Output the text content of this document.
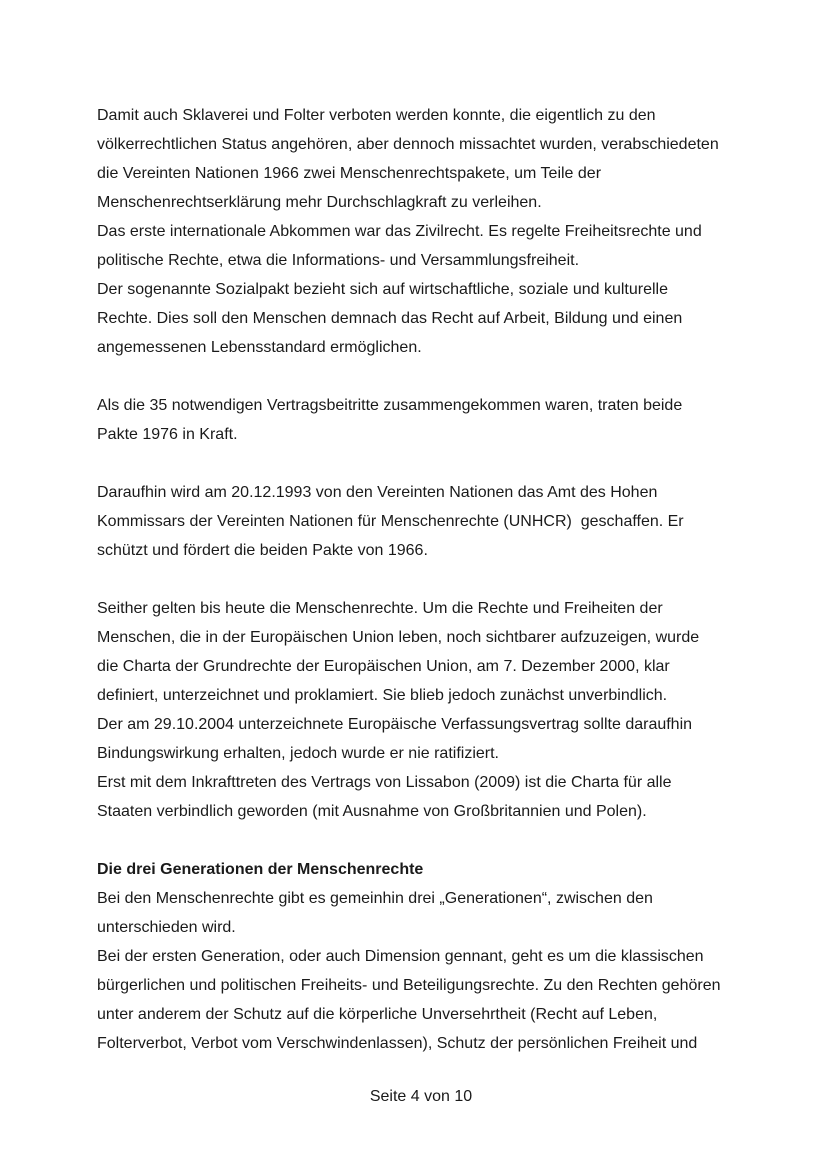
Damit auch Sklaverei und Folter verboten werden konnte, die eigentlich zu den
völkerrechtlichen Status angehören, aber dennoch missachtet wurden, verabschiedeten
die Vereinten Nationen 1966 zwei Menschenrechtspakete, um Teile der
Menschenrechtserklärung mehr Durchschlagkraft zu verleihen.
Das erste internationale Abkommen war das Zivilrecht. Es regelte Freiheitsrechte und
politische Rechte, etwa die Informations- und Versammlungsfreiheit.
Der sogenannte Sozialpakt bezieht sich auf wirtschaftliche, soziale und kulturelle
Rechte. Dies soll den Menschen demnach das Recht auf Arbeit, Bildung und einen
angemessenen Lebensstandard ermöglichen.
Als die 35 notwendigen Vertragsbeitritte zusammengekommen waren, traten beide
Pakte 1976 in Kraft.
Daraufhin wird am 20.12.1993 von den Vereinten Nationen das Amt des Hohen
Kommissars der Vereinten Nationen für Menschenrechte (UNHCR)  geschaffen. Er
schützt und fördert die beiden Pakte von 1966.
Seither gelten bis heute die Menschenrechte. Um die Rechte und Freiheiten der
Menschen, die in der Europäischen Union leben, noch sichtbarer aufzuzeigen, wurde
die Charta der Grundrechte der Europäischen Union, am 7. Dezember 2000, klar
definiert, unterzeichnet und proklamiert. Sie blieb jedoch zunächst unverbindlich.
Der am 29.10.2004 unterzeichnete Europäische Verfassungsvertrag sollte daraufhin
Bindungswirkung erhalten, jedoch wurde er nie ratifiziert.
Erst mit dem Inkrafttreten des Vertrags von Lissabon (2009) ist die Charta für alle
Staaten verbindlich geworden (mit Ausnahme von Großbritannien und Polen).
Die drei Generationen der Menschenrechte
Bei den Menschenrechte gibt es gemeinhin drei „Generationen“, zwischen den
unterschieden wird.
Bei der ersten Generation, oder auch Dimension gennant, geht es um die klassischen
bürgerlichen und politischen Freiheits- und Beteiligungsrechte. Zu den Rechten gehören
unter anderem der Schutz auf die körperliche Unversehrtheit (Recht auf Leben,
Folterverbot, Verbot vom Verschwindenlassen), Schutz der persönlichen Freiheit und
Seite 4 von 10
